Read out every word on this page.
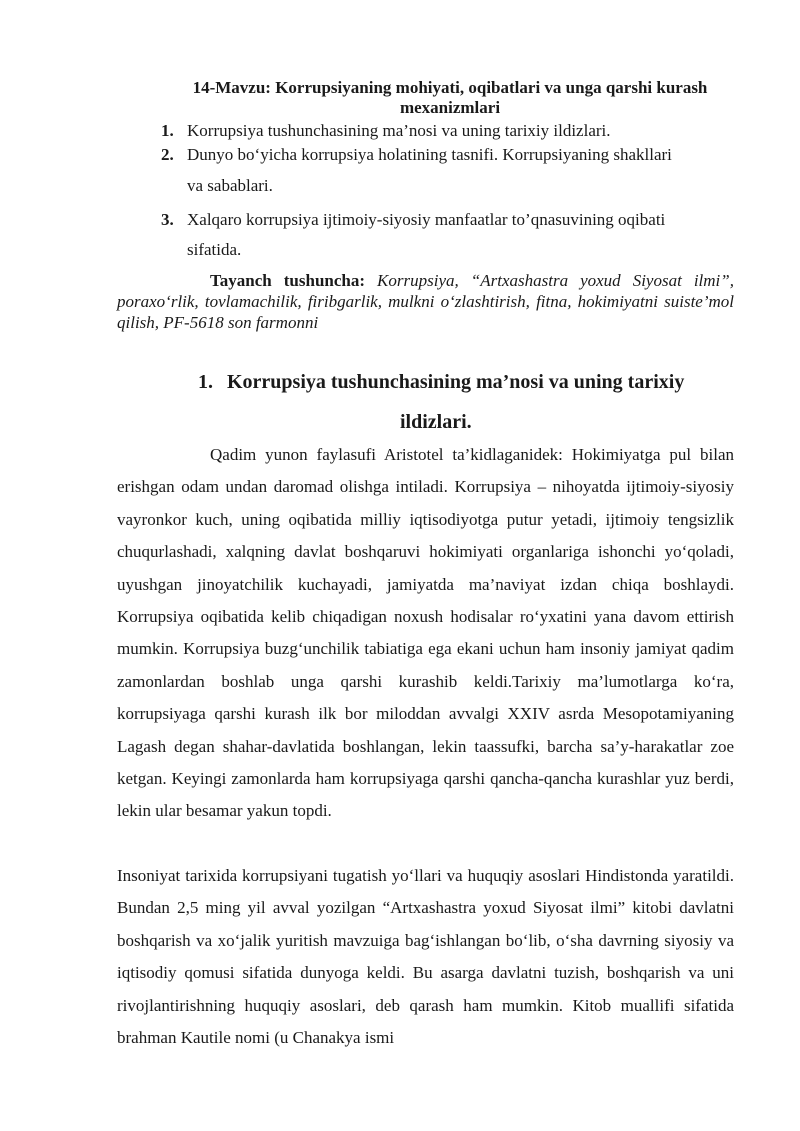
14-Mavzu: Korrupsiyaning mohiyati, oqibatlari va unga qarshi kurash
mexanizmlari
1. Korrupsiya tushunchasining ma’nosi va uning tarixiy ildizlari.
2. Dunyo bo‘yicha korrupsiya holatining tasnifi. Korrupsiyaning shakllari
va sabablari.
3. Xalqaro korrupsiya ijtimoiy-siyosiy manfaatlar to’qnasuvining oqibati
sifatida.
Tayanch tushuncha: Korrupsiya, “Artxashastra yoxud Siyosat ilmi”, poraxo‘rlik, tovlamachilik, firibgarlik, mulkni o‘zlashtirish, fitna, hokimiyatni suiste’mol qilish, PF-5618 son farmonni
1. Korrupsiya tushunchasining ma’nosi va uning tarixiy
ildizlari.
Qadim yunon faylasufi Aristotel ta’kidlaganidek: Hokimiyatga pul bilan erishgan odam undan daromad olishga intiladi. Korrupsiya – nihoyatda ijtimoiy-siyosiy vayronkor kuch, uning oqibatida milliy iqtisodiyotga putur yetadi, ijtimoiy tengsizlik chuqurlashadi, xalqning davlat boshqaruvi hokimiyati organlariga ishonchi yo‘qoladi, uyushgan jinoyatchilik kuchayadi, jamiyatda ma’naviyat izdan chiqa boshlaydi. Korrupsiya oqibatida kelib chiqadigan noxush hodisalar ro‘yxatini yana davom ettirish mumkin. Korrupsiya buzg‘unchilik tabiatiga ega ekani uchun ham insoniy jamiyat qadim zamonlardan boshlab unga qarshi kurashib keldi.Tarixiy ma’lumotlarga ko‘ra, korrupsiyaga qarshi kurash ilk bor miloddan avvalgi XXIV asrda Mesopotamiyaning Lagash degan shahar-davlatida boshlangan, lekin taassufki, barcha sa’y-harakatlar zoe ketgan. Keyingi zamonlarda ham korrupsiyaga qarshi qancha-qancha kurashlar yuz berdi, lekin ular besamar yakun topdi.
Insoniyat tarixida korrupsiyani tugatish yo‘llari va huquqiy asoslari Hindistonda yaratildi. Bundan 2,5 ming yil avval yozilgan “Artxashastra yoxud Siyosat ilmi” kitobi davlatni boshqarish va xo‘jalik yuritish mavzuiga bag‘ishlangan bo‘lib, o‘sha davrning siyosiy va iqtisodiy qomusi sifatida dunyoga keldi. Bu asarga davlatni tuzish, boshqarish va uni rivojlantirishning huquqiy asoslari, deb qarash ham mumkin. Kitob muallifi sifatida brahman Kautile nomi (u Chanakya ismi
